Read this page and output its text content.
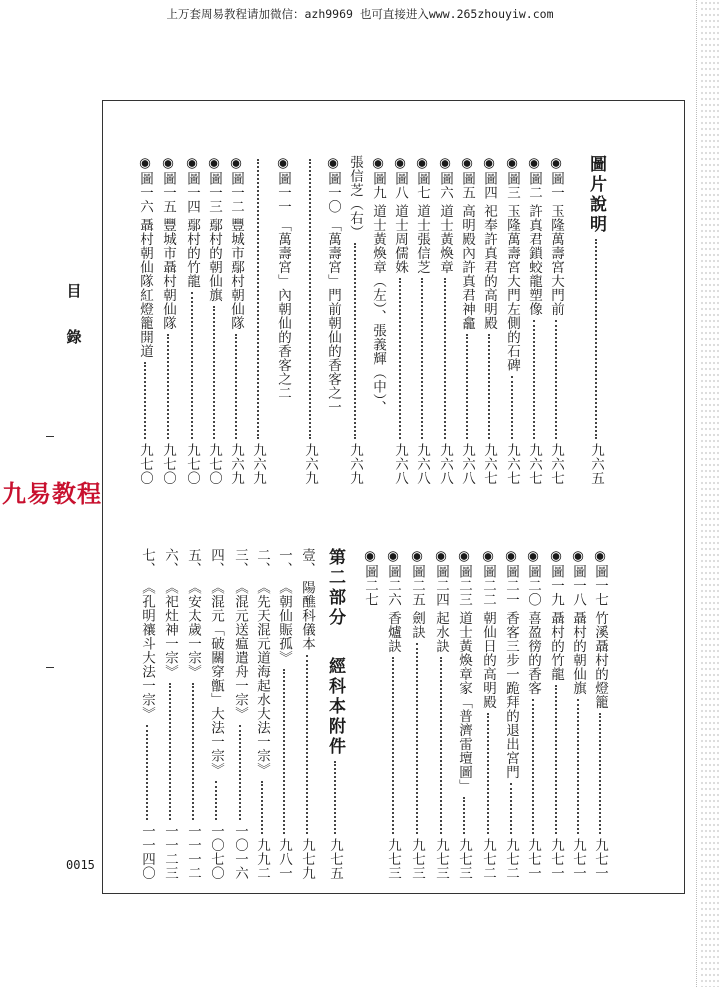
上万套周易教程请加微信：azh9969 也可直接进入www.265zhouyiw.com
目錄
九易教程
0015
圖片說明
九六五
◉圖一 玉隆萬壽宮大門前
九六七
◉圖二 許真君鎖蛟龍塑像
九六七
◉圖三 玉隆萬壽宮大門左側的石碑
九六七
◉圖四 祀奉許真君的高明殿
九六七
◉圖五 高明殿內許真君神龕
九六八
◉圖六 道士黃煥章
九六八
◉圖七 道士張信芝
九六八
◉圖八 道士周儒姝
九六八
◉圖九 道士黃煥章（左）、張義輝（中）、
張信芝（右）
九六九
◉圖一〇 「萬壽宮」門前朝仙的香客之一
九六九
◉圖一一 「萬壽宮」內朝仙的香客之二
九六九
◉圖一二 豐城市鄢村朝仙隊
九六九
◉圖一三 鄢村的朝仙旗
九七〇
◉圖一四 鄢村的竹龍
九七〇
◉圖一五 豐城市聶村朝仙隊
九七〇
◉圖一六 聶村朝仙隊紅燈籠開道
九七〇
◉圖一七 竹溪聶村的燈籠
九七一
◉圖一八 聶村的朝仙旗
九七一
◉圖一九 聶村的竹龍
九七一
◉圖二〇 喜盈徬的香客
九七一
◉圖二一 香客三步一跪拜的退出宮門
九七二
◉圖二二 朝仙日的高明殿
九七二
◉圖二三 道士黃煥章家「普濟雷壇圖」
九七三
◉圖二四 起水訣
九七三
◉圖二五 劍訣
九七三
◉圖二六 香爐訣
九七三
◉圖二七
第二部分　 經科本附件
九七五
壹、 陽醮科儀本
九七九
一、 《朝仙賑孤》
九八一
二、 《先天混元道海起水大法一宗》
九九二
三、 《混元送瘟遣舟一宗》
一〇一六
四、 《混元「破關穿甑」大法一宗》
一〇七〇
五、 《安太歲一宗》
一一一二
六、 《祀灶神一宗》
一一二三
七、 《孔明禳斗大法一宗》
一一四〇
